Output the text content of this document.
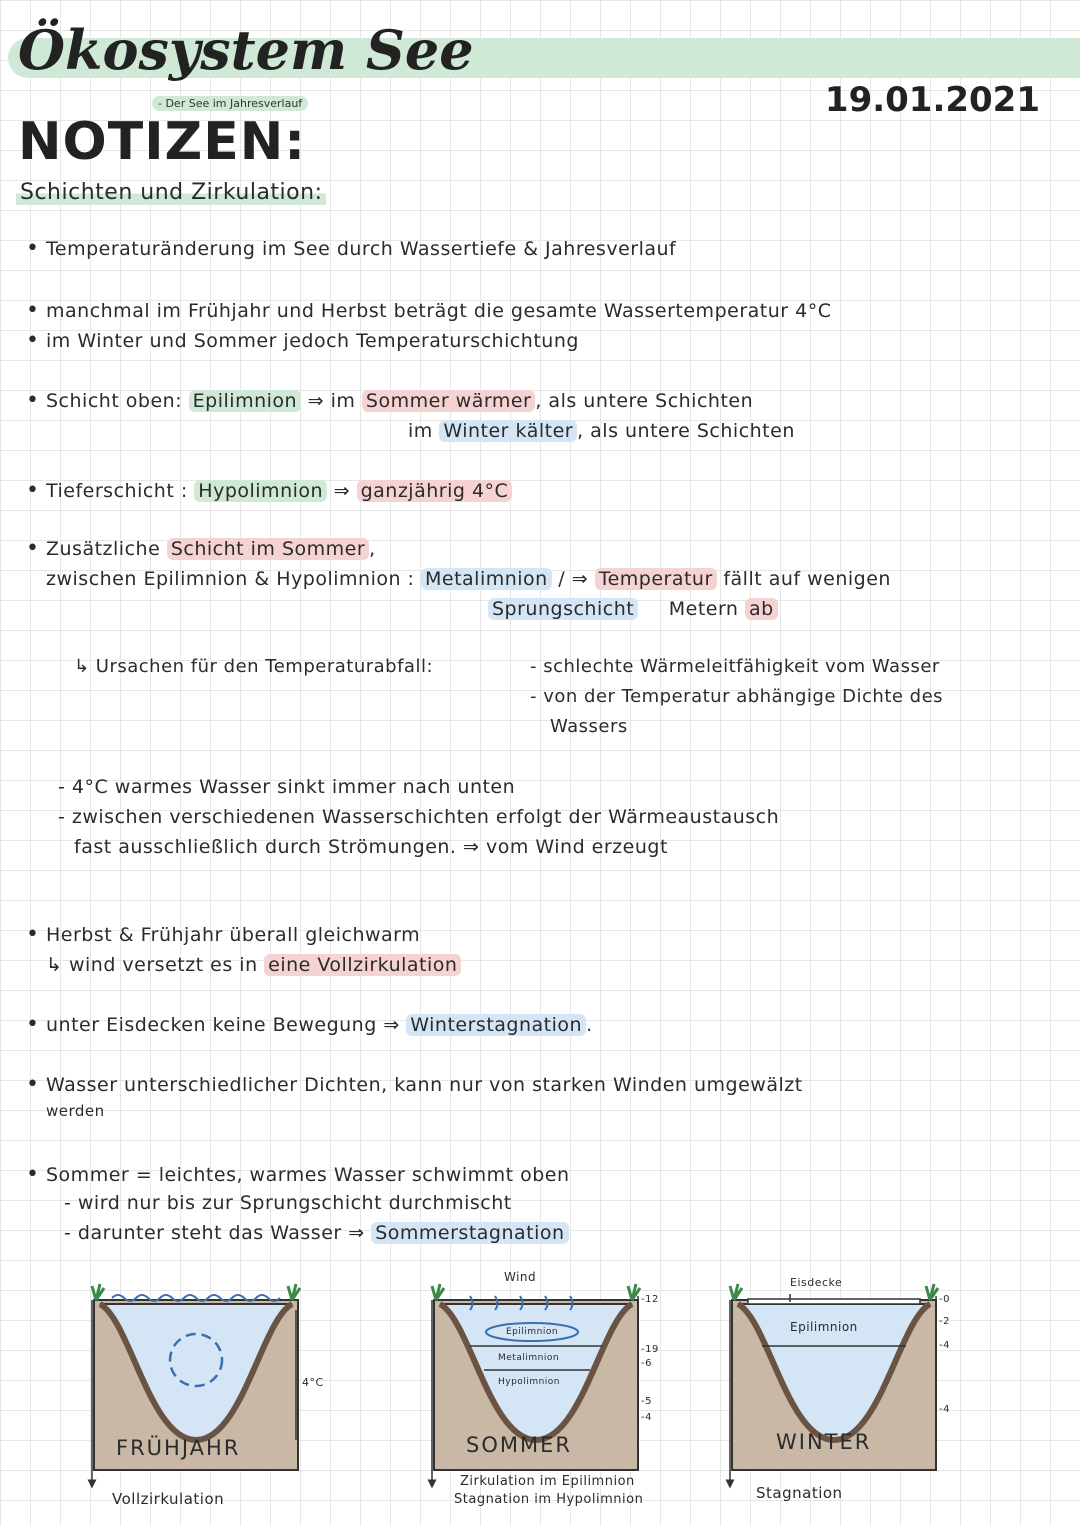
Ökosystem See
- Der See im Jahresverlauf	19.01.2021
NOTIZEN:
Schichten und Zirkulation:
• Temperaturänderung im See durch Wassertiefe & Jahresverlauf
• manchmal im Frühjahr und Herbst beträgt die gesamte Wassertemperatur 4°C
• im Winter und Sommer jedoch Temperaturschichtung
• Schicht oben: Epilimnion ⇒ im Sommer wärmer , als untere Schichten
im Winter kälter , als untere Schichten
• Tieferschicht : Hypolimnion ⇒ ganzjährig 4°C
• Zusätzliche Schicht im Sommer ,
zwischen Epilimnion & Hypolimnion : Metalimnion / ⇒ Temperatur fällt auf wenigen
Sprungschicht Metern ab
↳ Ursachen für den Temperaturabfall:	- schlechte Wärmeleitfähigkeit vom Wasser
- von der Temperatur abhängige Dichte des
Wassers
- 4°C warmes Wasser sinkt immer nach unten
- zwischen verschiedenen Wasserschichten erfolgt der Wärmeaustausch
fast ausschließlich durch Strömungen. ⇒ vom Wind erzeugt
• Herbst & Frühjahr überall gleichwarm
↳ wind versetzt es in eine Vollzirkulation
• unter Eisdecken keine Bewegung ⇒ Winterstagnation .
• Wasser unterschiedlicher Dichten, kann nur von starken Winden umgewälzt
werden
• Sommer = leichtes, warmes Wasser schwimmt oben
- wird nur bis zur Sprungschicht durchmischt
- darunter steht das Wasser ⇒ Sommerstagnation
4°C
FRÜHJAHR
Vollzirkulation
Wind
Epilimnion
Metalimnion
Hypolimnion
-12
-19
-6
-5
-4
SOMMER
Zirkulation im Epilimnion
Stagnation im Hypolimnion
Eisdecke
Epilimnion
-0
-2
-4
-4
WINTER
Stagnation
